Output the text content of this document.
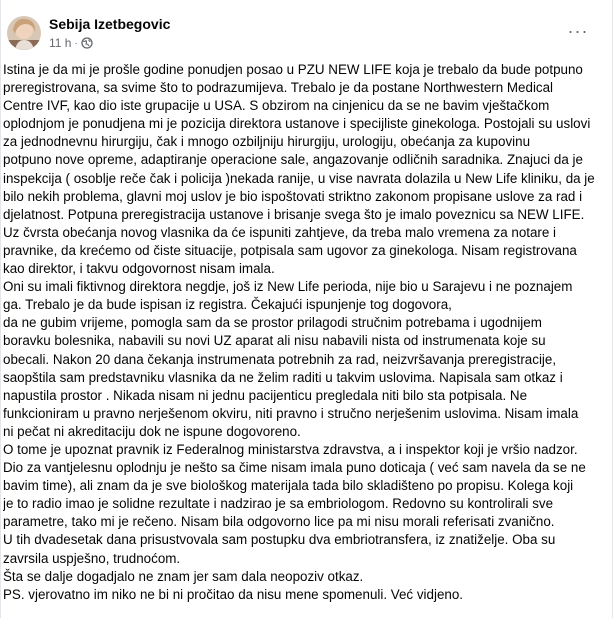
Sebija Izetbegovic
11 h ·
···
Istina je da mi je prošle godine ponudjen posao u PZU NEW LIFE koja je trebalo da bude potpuno
preregistrovana, sa svime što to podrazumijeva. Trebalo je da postane Northwestern Medical
Centre IVF, kao dio iste grupacije u USA. S obzirom na cinjenicu da se ne bavim vještačkom
oplodnjom je ponudjena mi je pozicija direktora ustanove i specijliste ginekologa. Postojali su uslovi
za jednodnevnu hirurgiju, čak i mnogo ozbiljniju hirurgiju, urologiju, obećanja za kupovinu
potpuno nove opreme, adaptiranje operacione sale, angazovanje odličnih saradnika. Znajuci da je
inspekcija ( osoblje reče čak i policija )nekada ranije, u vise navrata dolazila u New Life kliniku, da je
bilo nekih problema, glavni moj uslov je bio ispoštovati striktno zakonom propisane uslove za rad i
djelatnost. Potpuna preregistracija ustanove i brisanje svega što je imalo poveznicu sa NEW LIFE.
Uz čvrsta obećanja novog vlasnika da će ispuniti zahtjeve, da treba malo vremena za notare i
pravnike, da krećemo od čiste situacije, potpisala sam ugovor za ginekologa. Nisam registrovana
kao direktor, i takvu odgovornost nisam imala.
Oni su imali fiktivnog direktora negdje, još iz New Life perioda, nije bio u Sarajevu i ne poznajem
ga. Trebalo je da bude ispisan iz registra. Čekajući ispunjenje tog dogovora,
da ne gubim vrijeme, pomogla sam da se prostor prilagodi stručnim potrebama i ugodnijem
boravku bolesnika, nabavili su novi UZ aparat ali nisu nabavili nista od instrumenata koje su
obecali. Nakon 20 dana čekanja instrumenata potrebnih za rad, neizvršavanja preregistracije,
saopštila sam predstavniku vlasnika da ne želim raditi u takvim uslovima. Napisala sam otkaz i
napustila prostor . Nikada nisam ni jednu pacijenticu pregledala niti bilo sta potpisala. Ne
funkcioniram u pravno nerješenom okviru, niti pravno i stručno nerješenim uslovima. Nisam imala
ni pečat ni akreditaciju dok ne ispune dogovoreno.
O tome je upoznat pravnik iz Federalnog ministarstva zdravstva, a i inspektor koji je vršio nadzor.
Dio za vantjelesnu oplodnju je nešto sa čime nisam imala puno doticaja ( već sam navela da se ne
bavim time), ali znam da je sve biološkog materijala tada bilo skladišteno po propisu. Kolega koji
je to radio imao je solidne rezultate i nadzirao je sa embriologom. Redovno su kontrolirali sve
parametre, tako mi je rečeno. Nisam bila odgovorno lice pa mi nisu morali referisati zvanično.
U tih dvadesetak dana prisustvovala sam postupku dva embriotransfera, iz znatiželje. Oba su
zavrsila uspješno, trudnoćom.
Šta se dalje dogadjalo ne znam jer sam dala neopoziv otkaz.
PS. vjerovatno im niko ne bi ni pročitao da nisu mene spomenuli. Već vidjeno.
